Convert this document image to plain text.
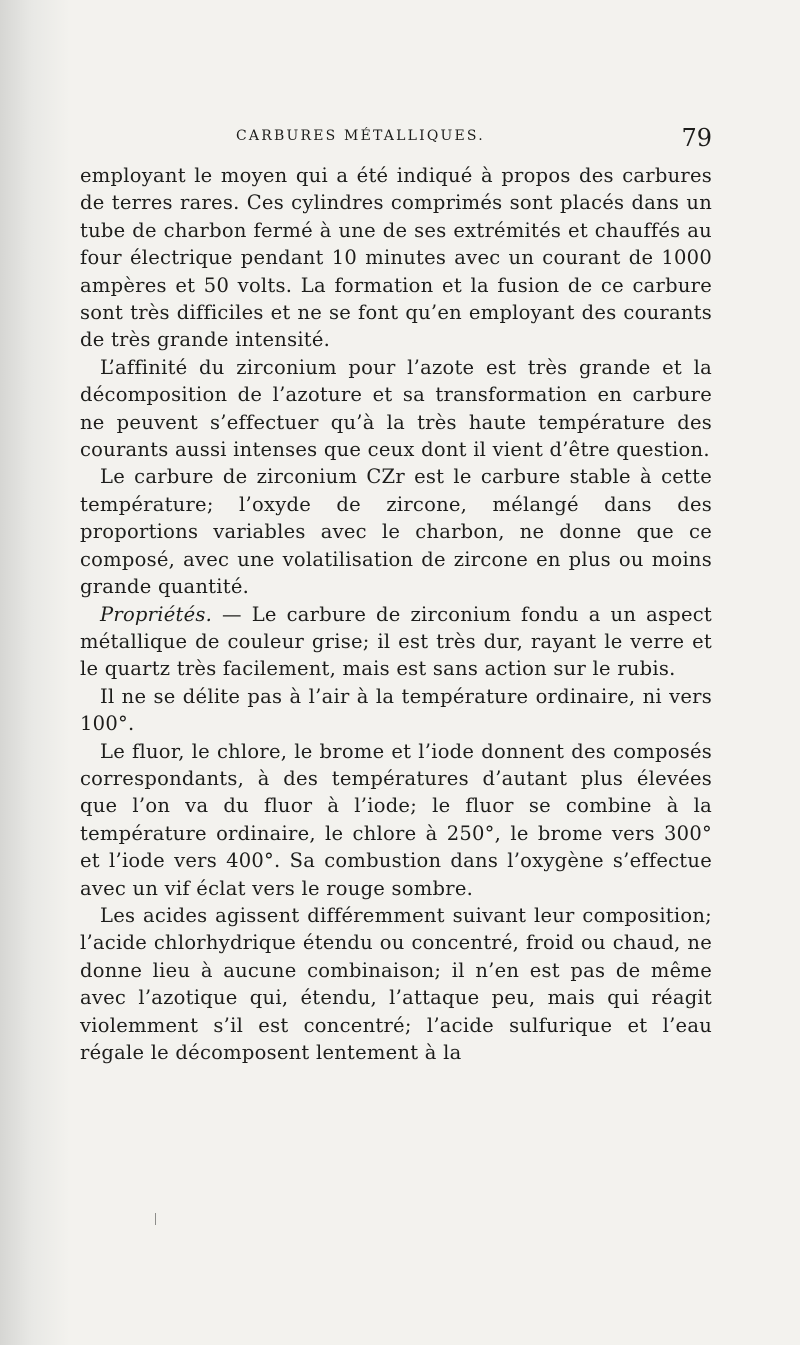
CARBURES MÉTALLIQUES.	79

employant le moyen qui a été indiqué à propos des carbures de terres rares. Ces cylindres comprimés sont placés dans un tube de charbon fermé à une de ses extrémités et chauffés au four électrique pendant 10 minutes avec un courant de 1000 ampères et 50 volts. La formation et la fusion de ce carbure sont très difficiles et ne se font qu’en employant des courants de très grande intensité.

L’affinité du zirconium pour l’azote est très grande et la décomposition de l’azoture et sa transformation en carbure ne peuvent s’effectuer qu’à la très haute température des courants aussi intenses que ceux dont il vient d’être question.

Le carbure de zirconium CZr est le carbure stable à cette température; l’oxyde de zircone, mélangé dans des proportions variables avec le charbon, ne donne que ce composé, avec une volatilisation de zircone en plus ou moins grande quantité.

Propriétés. — Le carbure de zirconium fondu a un aspect métallique de couleur grise; il est très dur, rayant le verre et le quartz très facilement, mais est sans action sur le rubis.

Il ne se délite pas à l’air à la température ordinaire, ni vers 100°.

Le fluor, le chlore, le brome et l’iode donnent des composés correspondants, à des températures d’autant plus élevées que l’on va du fluor à l’iode; le fluor se combine à la température ordinaire, le chlore à 250°, le brome vers 300° et l’iode vers 400°. Sa combustion dans l’oxygène s’effectue avec un vif éclat vers le rouge sombre.

Les acides agissent différemment suivant leur composition; l’acide chlorhydrique étendu ou concentré, froid ou chaud, ne donne lieu à aucune combinaison; il n’en est pas de même avec l’azotique qui, étendu, l’attaque peu, mais qui réagit violemment s’il est concentré; l’acide sulfurique et l’eau régale le décomposent lentement à la
